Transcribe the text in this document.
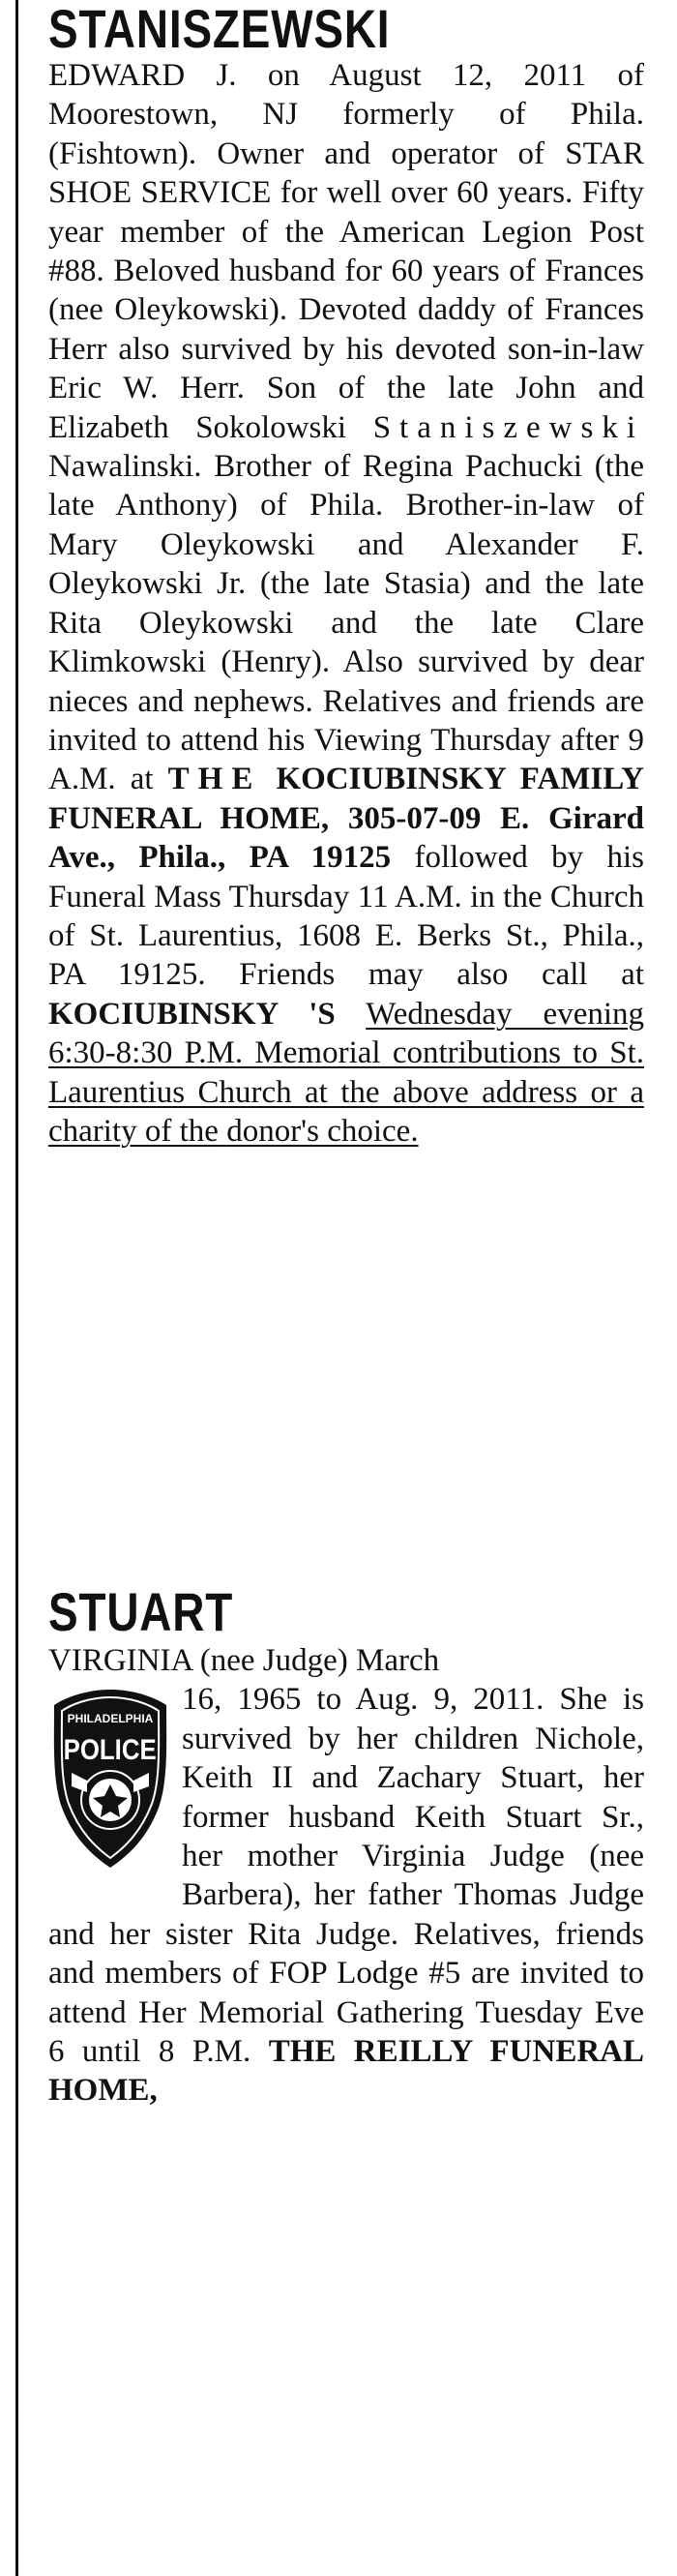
STANISZEWSKI

EDWARD J. on August 12, 2011 of Moorestown, NJ formerly of Phila. (Fishtown). Owner and operator of STAR SHOE SERVICE for well over 60 years. Fifty year member of the American Legion Post #88. Beloved husband for 60 years of Frances (nee Oleykowski). Devoted daddy of Frances Herr also survived by his devoted son-in-law Eric W. Herr. Son of the late John and Elizabeth Sokolowski Staniszewski Nawalinski. Brother of Regina Pachucki (the late Anthony) of Phila. Brother-in-law of Mary Oleykowski and Alexander F. Oleykowski Jr. (the late Stasia) and the late Rita Oleykowski and the late Clare Klimkowski (Henry). Also survived by dear nieces and nephews. Relatives and friends are invited to attend his Viewing Thursday after 9 A.M. at THE KOCIUBINSKY FAMILY FUNERAL HOME, 305-07-09 E. Girard Ave., Phila., PA 19125 followed by his Funeral Mass Thursday 11 A.M. in the Church of St. Laurentius, 1608 E. Berks St., Phila., PA 19125. Friends may also call at KOCIUBINSKY 'S Wednesday evening 6:30-8:30 P.M. Memorial contributions to St. Laurentius Church at the above address or a charity of the donor's choice.

STUART

VIRGINIA (nee Judge) March
PHILADELPHIA
POLICE
16, 1965 to Aug. 9, 2011. She is survived by her children Nichole, Keith II and Zachary Stuart, her former husband Keith Stuart Sr., her mother Virginia Judge (nee Barbera), her father Thomas Judge and her sister Rita Judge. Relatives, friends and members of FOP Lodge #5 are invited to attend Her Memorial Gathering Tuesday Eve 6 until 8 P.M. THE REILLY FUNERAL HOME,
